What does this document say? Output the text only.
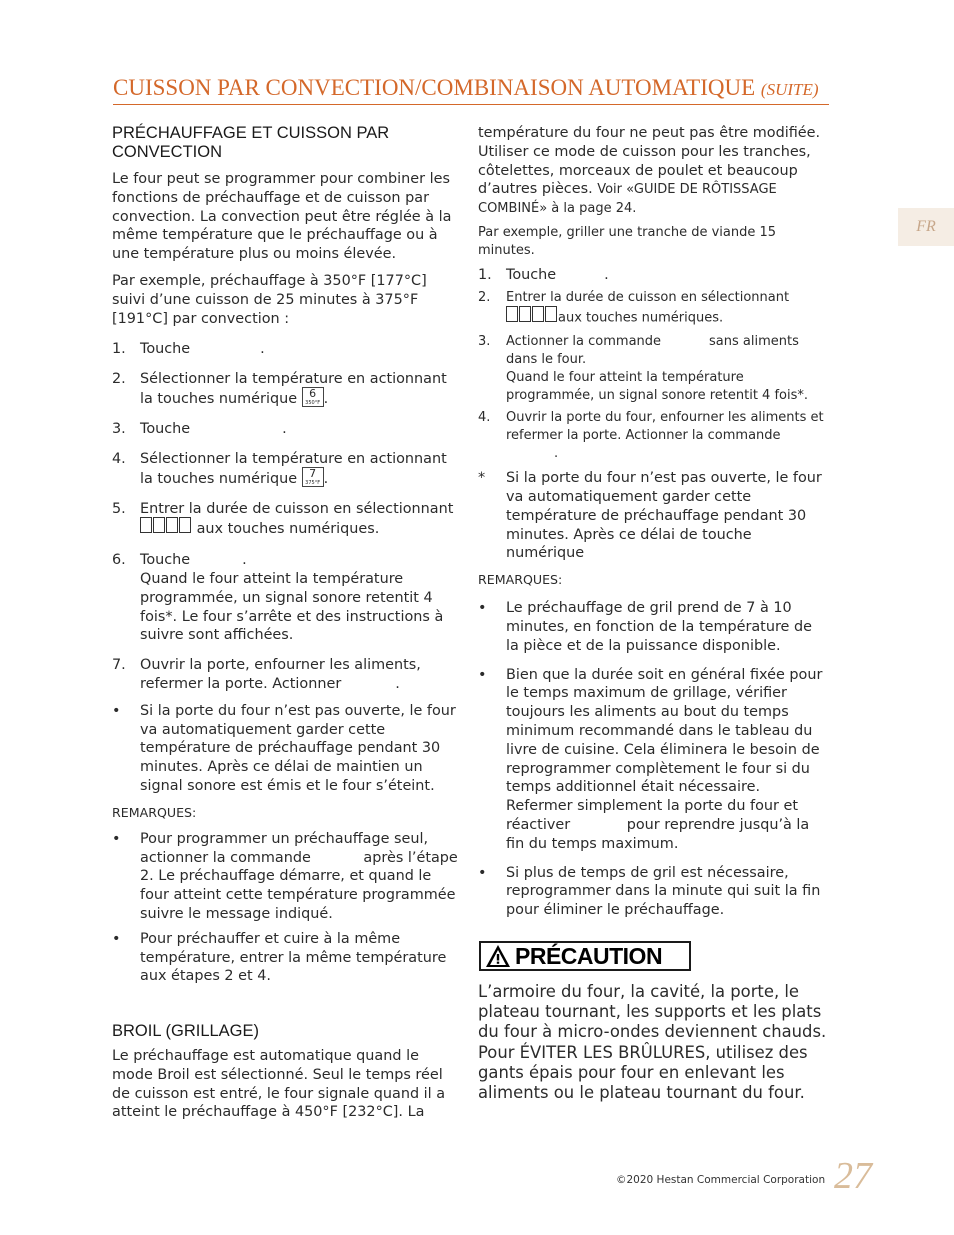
CUISSON PAR CONVECTION/COMBINAISON AUTOMATIQUE (SUITE)
FR
PRÉCHAUFFAGE ET CUISSON PAR CONVECTION

Le four peut se programmer pour combiner les fonctions de préchauffage et de cuisson par convection. La convection peut être réglée à la même température que le préchauffage ou à une température plus ou moins élevée.

Par exemple, préchauffage à 350°F [177°C] suivi d’une cuisson de 25 minutes à 375°F [191°C] par convection :

1. Touche	.
2. Sélectionner la température en actionnant la touches numérique 6
350°F .
3. Touche	.
4. Sélectionner la température en actionnant la touches numérique 7
375°F .
5. Entrer la durée de cuisson en sélectionnant
aux touches numériques.
6. Touche	.
Quand le four atteint la température programmée, un signal sonore retentit 4 fois*. Le four s’arrête et des instructions à suivre sont affichées.
7. Ouvrir la porte, enfourner les aliments, refermer la porte. Actionner	.
• Si la porte du four n’est pas ouverte, le four va automatiquement garder cette température de préchauffage pendant 30 minutes. Après ce délai de maintien un signal sonore est émis et le four s’éteint.
REMARQUES:
• Pour programmer un préchauffage seul, actionner la commande	après l’étape 2. Le préchauffage démarre, et quand le four atteint cette température programmée suivre le message indiqué.
• Pour préchauffer et cuire à la même température, entrer la même température aux étapes 2 et 4.
BROIL (GRILLAGE)

Le préchauffage est automatique quand le mode Broil est sélectionné. Seul le temps réel de cuisson est entré, le four signale quand il a atteint le préchauffage à 450°F [232°C]. La

température du four ne peut pas être modifiée. Utiliser ce mode de cuisson pour les tranches, côtelettes, morceaux de poulet et beaucoup d’autres pièces. Voir «GUIDE DE RÔTISSAGE COMBINÉ» à la page 24.

Par exemple, griller une tranche de viande 15 minutes.

1. Touche	.
2. Entrer la durée de cuisson en sélectionnant
aux touches numériques.
3. Actionner la commande	sans aliments dans le four.
Quand le four atteint la température programmée, un signal sonore retentit 4 fois*.
4. Ouvrir la porte du four, enfourner les aliments et refermer la porte. Actionner la commande
.
* Si la porte du four n’est pas ouverte, le four va automatiquement garder cette température de préchauffage pendant 30 minutes. Après ce délai de touche numérique
REMARQUES:
• Le préchauffage de gril prend de 7 à 10 minutes, en fonction de la température de la pièce et de la puissance disponible.
• Bien que la durée soit en général fixée pour le temps maximum de grillage, vérifier toujours les aliments au bout du temps minimum recommandé dans le tableau du livre de cuisine. Cela éliminera le besoin de reprogrammer complètement le four si du temps additionnel était nécessaire. Refermer simplement la porte du four et réactiver	pour reprendre jusqu’à la fin du temps maximum.
• Si plus de temps de gril est nécessaire, reprogrammer dans la minute qui suit la fin pour éliminer le préchauffage.
PRÉCAUTION
L’armoire du four, la cavité, la porte, le plateau tournant, les supports et les plats du four à micro-ondes deviennent chauds. Pour ÉVITER LES BRÛLURES, utilisez des gants épais pour four en enlevant les aliments ou le plateau tournant du four.
©2020 Hestan Commercial Corporation 27
